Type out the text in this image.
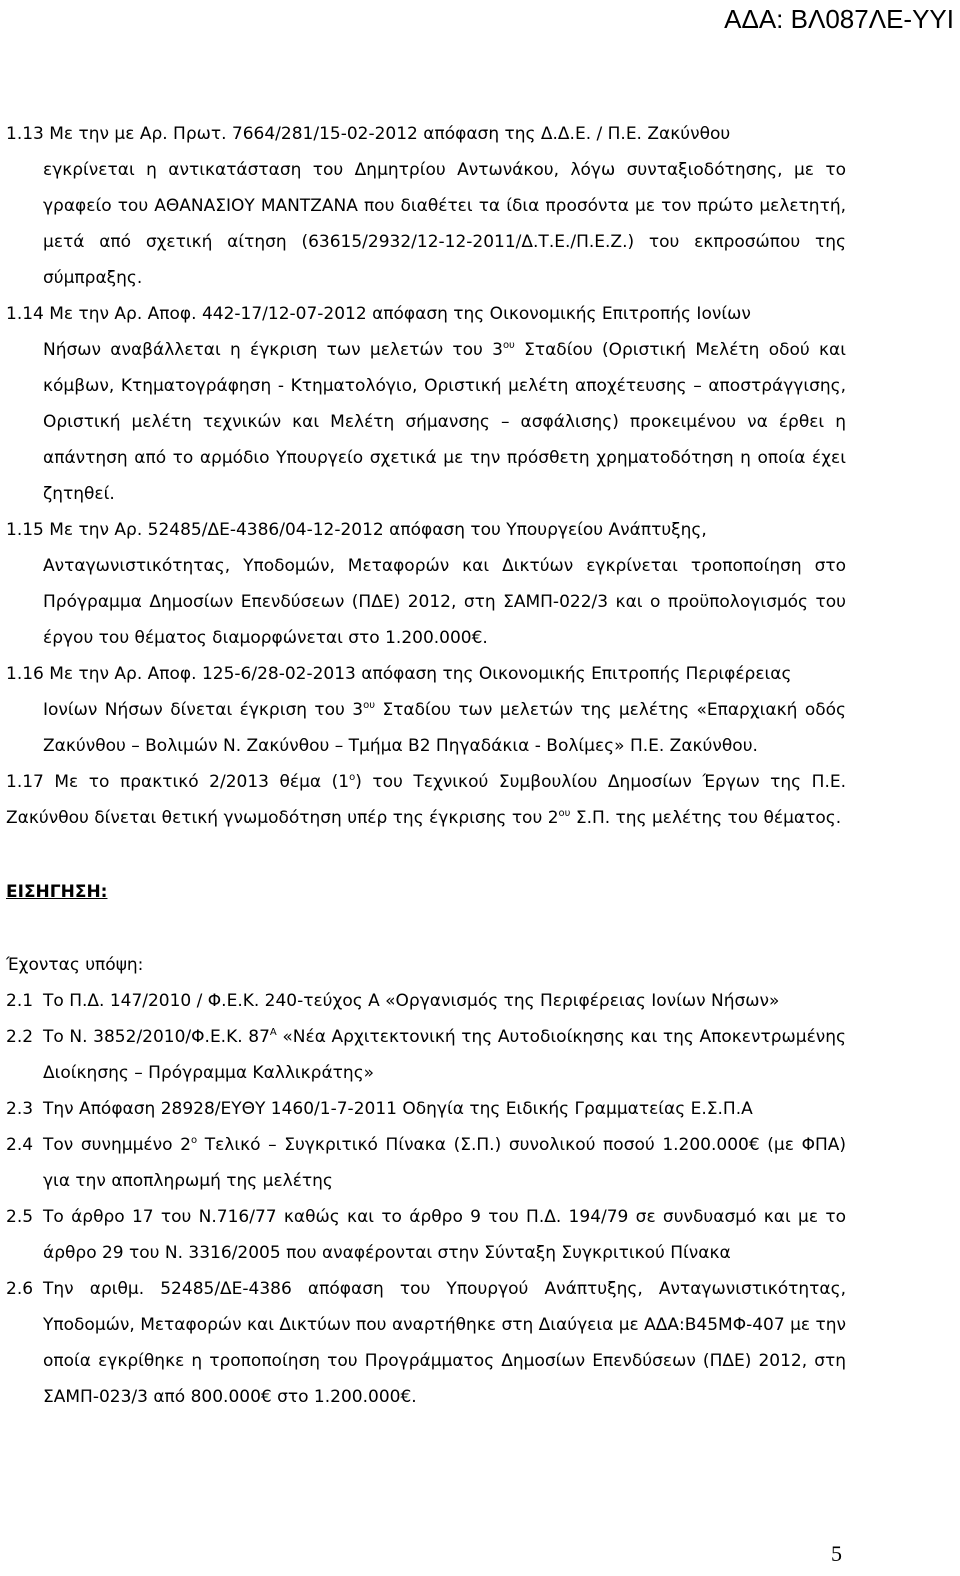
ΑΔΑ: ΒΛ087ΛΕ-ΥΥΙ

1.13 Με την με Αρ. Πρωτ. 7664/281/15-02-2012 απόφαση της Δ.Δ.Ε. / Π.Ε. Ζακύνθου

εγκρίνεται η αντικατάσταση του Δημητρίου Αντωνάκου, λόγω συνταξιοδότησης, με το γραφείο του ΑΘΑΝΑΣΙΟΥ ΜΑΝΤΖΑΝΑ που διαθέτει τα ίδια προσόντα με τον πρώτο μελετητή, μετά από σχετική αίτηση (63615/2932/12-12-2011/Δ.Τ.Ε./Π.Ε.Ζ.) του εκπροσώπου της σύμπραξης.

1.14 Με την Αρ. Αποφ. 442-17/12-07-2012 απόφαση της Οικονομικής Επιτροπής Ιονίων

Νήσων αναβάλλεται η έγκριση των μελετών του $3^{o\upsilon}$ Σταδίου (Οριστική Μελέτη οδού και κόμβων, Κτηματογράφηση - Κτηματολόγιο, Οριστική μελέτη αποχέτευσης – αποστράγγισης, Οριστική μελέτη τεχνικών και Μελέτη σήμανσης – ασφάλισης) προκειμένου να έρθει η απάντηση από το αρμόδιο Υπουργείο σχετικά με την πρόσθετη χρηματοδότηση η οποία έχει ζητηθεί.

1.15 Με την Αρ. 52485/ΔΕ-4386/04-12-2012 απόφαση του Υπουργείου Ανάπτυξης,

Ανταγωνιστικότητας, Υποδομών, Μεταφορών και Δικτύων εγκρίνεται τροποποίηση στο Πρόγραμμα Δημοσίων Επενδύσεων (ΠΔΕ) 2012, στη ΣΑΜΠ-022/3 και ο προϋπολογισμός του έργου του θέματος διαμορφώνεται στο 1.200.000€.

1.16 Με την Αρ. Αποφ. 125-6/28-02-2013 απόφαση της Οικονομικής Επιτροπής Περιφέρειας

Ιονίων Νήσων δίνεται έγκριση του $3^{o\upsilon}$ Σταδίου των μελετών της μελέτης «Επαρχιακή οδός Ζακύνθου – Βολιμών Ν. Ζακύνθου – Τμήμα Β2 Πηγαδάκια - Βολίμες» Π.Ε. Ζακύνθου.

1.17 Με το πρακτικό 2/2013 θέμα $(1^o)$ του Τεχνικού Συμβουλίου Δημοσίων Έργων της Π.Ε. Ζακύνθου δίνεται θετική γνωμοδότηση υπέρ της έγκρισης του $2^{o\upsilon}$ Σ.Π. της μελέτης του θέματος.

ΕΙΣΗΓΗΣΗ:
Έχοντας υπόψη:
2.1 Το Π.Δ. 147/2010 / Φ.Ε.Κ. 240-τεύχος Α «Οργανισμός της Περιφέρειας Ιονίων Νήσων»
2.2 Το Ν. 3852/2010/Φ.Ε.Κ. $87^A$ «Νέα Αρχιτεκτονική της Αυτοδιοίκησης και της Αποκεντρωμένης Διοίκησης – Πρόγραμμα Καλλικράτης»
2.3 Την Απόφαση 28928/ΕΥΘΥ 1460/1-7-2011 Οδηγία της Ειδικής Γραμματείας Ε.Σ.Π.Α
2.4 Τον συνημμένο $2^o$ Τελικό – Συγκριτικό Πίνακα (Σ.Π.) συνολικού ποσού 1.200.000€ (με ΦΠΑ) για την αποπληρωμή της μελέτης
2.5 Το άρθρο 17 του Ν.716/77 καθώς και το άρθρο 9 του Π.Δ. 194/79 σε συνδυασμό και με το άρθρο 29 του Ν. 3316/2005 που αναφέρονται στην Σύνταξη Συγκριτικού Πίνακα
2.6 Την αριθμ. 52485/ΔΕ-4386 απόφαση του Υπουργού Ανάπτυξης, Ανταγωνιστικότητας, Υποδομών, Μεταφορών και Δικτύων που αναρτήθηκε στη Διαύγεια με ΑΔΑ:Β45ΜΦ-407 με την οποία εγκρίθηκε η τροποποίηση του Προγράμματος Δημοσίων Επενδύσεων (ΠΔΕ) 2012, στη ΣΑΜΠ-023/3 από 800.000€ στο 1.200.000€.
5
